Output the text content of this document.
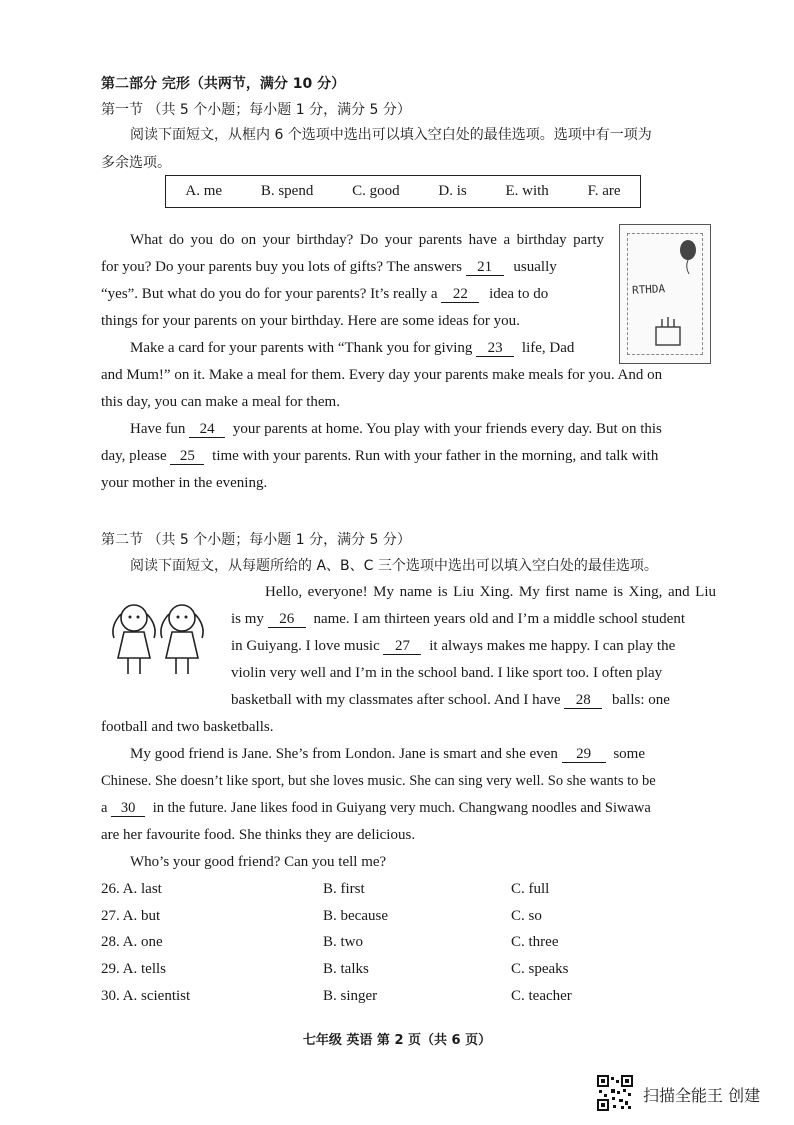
第二部分 完形（共两节，满分 10 分）
第一节 （共 5 个小题；每小题 1 分，满分 5 分）
阅读下面短文，从框内 6 个选项中选出可以填入空白处的最佳选项。选项中有一项为
多余选项。
A. me	B. spend	C. good	D. is	E. with	F. are
RTHDA
What do you do on your birthday? Do your parents have a birthday party
for you? Do your parents buy you lots of gifts? The answers 21 usually
“yes”. But what do you do for your parents? It’s really a 22 idea to do
things for your parents on your birthday. Here are some ideas for you.
Make a card for your parents with “Thank you for giving 23 life, Dad
and Mum!” on it. Make a meal for them. Every day your parents make meals for you. And on
this day, you can make a meal for them.
Have fun 24 your parents at home. You play with your friends every day. But on this
day, please 25 time with your parents. Run with your father in the morning, and talk with
your mother in the evening.
第二节 （共 5 个小题；每小题 1 分，满分 5 分）
阅读下面短文，从每题所给的 A、B、C 三个选项中选出可以填入空白处的最佳选项。
Hello, everyone! My name is Liu Xing. My first name is Xing, and Liu
is my 26 name. I am thirteen years old and I’m a middle school student
in Guiyang. I love music 27 it always makes me happy. I can play the
violin very well and I’m in the school band. I like sport too. I often play
basketball with my classmates after school. And I have 28 balls: one
football and two basketballs.
My good friend is Jane. She’s from London. Jane is smart and she even 29 some
Chinese. She doesn’t like sport, but she loves music. She can sing very well. So she wants to be
a 30 in the future. Jane likes food in Guiyang very much. Changwang noodles and Siwawa
are her favourite food. She thinks they are delicious.
Who’s your good friend? Can you tell me?
26. A. last	B. first	C. full
27. A. but	B. because	C. so
28. A. one	B. two	C. three
29. A. tells	B. talks	C. speaks
30. A. scientist	B. singer	C. teacher
七年级 英语 第 2 页（共 6 页）
扫描全能王 创建
